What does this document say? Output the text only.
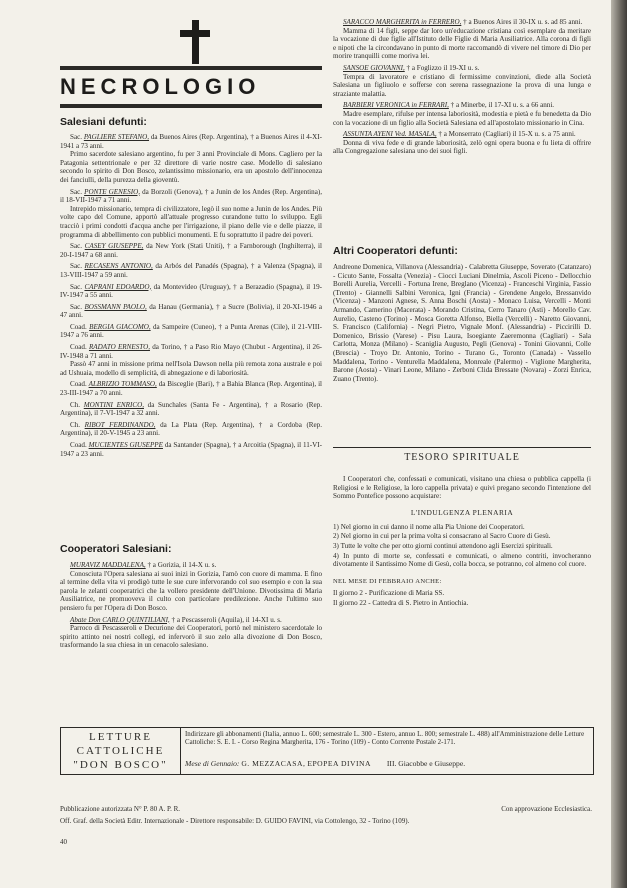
NECROLOGIO

Salesiani defunti:

Sac. PAGLIERE STEFANO, da Buenos Aires (Rep. Argentina), † a Buenos Aires il 4-XI-1941 a 73 anni.
Primo sacerdote salesiano argentino, fu per 3 anni Provinciale di Mons. Cagliero per la Patagonia settentrionale e per 32 direttore di varie nostre case. Modello di salesiano secondo lo spirito di Don Bosco, zelantissimo missionario, era un apostolo dell'innocenza dei fanciulli, della purezza della gioventù.

Sac. PONTE GENESIO, da Borzoli (Genova), † a Junin de los Andes (Rep. Argentina), il 18-VII-1947 a 71 anni.
Intrepido missionario, tempra di civilizzatore, legò il suo nome a Junin de los Andes. Più volte capo del Comune, apportò all'attuale progresso curandone tutto lo sviluppo. Egli tracciò i primi condotti d'acqua anche per l'irrigazione, il piano delle vie e delle piazze, il programma di abbellimento con pubblici monumenti. E fu soprattutto il padre dei poveri.

Sac. CASEY GIUSEPPE, da New York (Stati Uniti), † a Farnborough (Inghilterra), il 20-I-1947 a 68 anni.

Sac. RECASENS ANTONIO, da Arbós del Panadés (Spagna), † a Valenza (Spagna), il 13-VIII-1947 a 59 anni.

Sac. CAPRANI EDOARDO, da Montevideo (Uruguay), † a Berazadio (Spagna), il 19-IV-1947 a 55 anni.

Sac. BOSSMANN PAOLO, da Hanau (Germania), † a Sucre (Bolivia), il 20-XI-1946 a 47 anni.

Coad. BERGIA GIACOMO, da Sampeire (Cuneo), † a Punta Arenas (Cile), il 21-VIII-1947 a 76 anni.

Coad. RADATO ERNESTO, da Torino, † a Paso Rio Mayo (Chubut - Argentina), il 26-IV-1948 a 71 anni.
Passò 47 anni in missione prima nell'Isola Dawson nella più remota zona australe e poi ad Ushuaia, modello di semplicità, di abnegazione e di laboriosità.

Coad. ALBRIZIO TOMMASO, da Bisceglie (Bari), † a Bahia Blanca (Rep. Argentina), il 23-III-1947 a 70 anni.

Ch. MONTINI ENRICO, da Sunchales (Santa Fe - Argentina), † a Rosario (Rep. Argentina), il 7-VI-1947 a 32 anni.

Ch. RIBOT FERDINANDO, da La Plata (Rep. Argentina), † a Cordoba (Rep. Argentina), il 20-V-1945 a 23 anni.

Coad. MUCIENTES GIUSEPPE da Santander (Spagna), † a Arcoitia (Spagna), il 11-VI-1947 a 23 anni.

Cooperatori Salesiani:

MURAVIZ MADDALENA, † a Gorizia, il 14-X u. s.
Conosciuta l'Opera salesiana ai suoi inizi in Gorizia, l'amò con cuore di mamma. E fino al termine della vita vi prodigò tutte le sue cure infervorando col suo esempio e con la sua parola le zelanti cooperatrici che la vollero presidente dell'Unione. Divotissima di Maria Ausiliatrice, ne promuoveva il culto con particolare predilezione. Anche l'ultimo suo pensiero fu per l'Opera di Don Bosco.

Abate Don CARLO QUINTILIANI, † a Pescasseroli (Aquila), il 14-XI u. s.
Parroco di Pescasseroli e Decurione dei Cooperatori, portò nel ministero sacerdotale lo spirito attinto nei nostri collegi, ed infervorò il suo zelo alla divozione di Don Bosco, trasformando la sua chiesa in un cenacolo salesiano.

SARACCO MARGHERITA in FERRERO, † a Buenos Aires il 30-IX u. s. ad 85 anni.
Mamma di 14 figli, seppe dar loro un'educazione cristiana così esemplare da meritare la vocazione di due figlie all'Istituto delle Figlie di Maria Ausiliatrice. Alla corona di figli e nipoti che la circondavano in punto di morte raccomandò di vivere nel timore di Dio per morire tranquilli come moriva lei.

SANSOE GIOVANNI, † a Foglizzo il 19-XI u. s.
Tempra di lavoratore e cristiano di fermissime convinzioni, diede alla Società Salesiana un figliuolo e sofferse con serena rassegnazione la prova di una lunga e straziante malattia.

BARBIERI VERONICA in FERRARI, † a Minerbe, il 17-XI u. s. a 66 anni.
Madre esemplare, rifulse per intensa laboriosità, modestia e pietà e fu benedetta da Dio con la vocazione di un figlio alla Società Salesiana ed all'apostolato missionario in Cina.

ASSUNTA AYENI Ved. MASALA, † a Monserrato (Cagliari) il 15-X u. s. a 75 anni.
Donna di viva fede e di grande laboriosità, zelò ogni opera buona e fu lieta di offrire alla Congregazione salesiana uno dei suoi figli.

Altri Cooperatori defunti:

Andreone Domenica, Villanova (Alessandria) - Calabretta Giuseppe, Soverato (Catanzaro) - Cicuto Sante, Fossalta (Venezia) - Ciocci Luciani Dinelmia, Ascoli Piceno - Dellocchio Borelli Aurelia, Vercelli - Fortuna Irene, Breglano (Vicenza) - Franceschi Virginia, Fassio (Trento) - Giannelli Salbini Veronica, Igni (Francia) - Grendene Angelo, Bressanvido (Vicenza) - Manzoni Agnese, S. Anna Boschi (Aosta) - Monaco Luisa, Vercelli - Monti Armando, Camerino (Macerata) - Morando Cristina, Cerro Tanaro (Asti) - Morello Cav. Aurelio, Casteno (Torino) - Mosca Goretta Alfonso, Biella (Vercelli) - Naretto Giovanni, S. Francisco (California) - Negri Pietro, Vignale Monf. (Alessandria) - Piccirilli D. Domenico, Brissio (Varese) - Pisu Laura, Isoegiante Zaeremonna (Cagliari) - Sala Carlotta, Monza (Milano) - Scaniglia Augusto, Pegli (Genova) - Tonini Giovanni, Colle (Brescia) - Troyo Dr. Antonio, Torino - Turano G., Toronto (Canada) - Vassello Maddalena, Torino - Venturella Maddalena, Monreale (Palermo) - Viglione Margherita, Barone (Aosta) - Vinari Leone, Milano - Zerboni Clida Bressate (Novara) - Zorzi Enrica, Zuano (Trento).

TESORO SPIRITUALE

I Cooperatori che, confessati e comunicati, visitano una chiesa o pubblica cappella (i Religiosi e le Religiose, la loro cappella privata) e quivi pregano secondo l'intenzione del Sommo Pontefice possono acquistare:

L'INDULGENZA PLENARIA

1) Nel giorno in cui danno il nome alla Pia Unione dei Cooperatori.

2) Nel giorno in cui per la prima volta si consacrano al Sacro Cuore di Gesù.

3) Tutte le volte che per otto giorni continui attendono agli Esercizi spirituali.

4) In punto di morte se, confessati e comunicati, o almeno contriti, invocheranno divotamente il Santissimo Nome di Gesù, colla bocca, se potranno, col almeno col cuore.

NEL MESE DI FEBBRAIO ANCHE:

Il giorno 2 - Purificazione di Maria SS.

Il giorno 22 - Cattedra di S. Pietro in Antiochia.

LETTURE
CATTOLICHE
"DON BOSCO"
Indirizzare gli abbonamenti (Italia, annuo L. 600; semestrale L. 300 - Estero, annuo L. 800; semestrale L. 488) all'Amministrazione delle Letture Cattoliche: S. E. I. - Corso Regina Margherita, 176 - Torino (109) - Conto Corrente Postale 2-171.
Mese di Gennaio: G. MEZZACASA, EPOPEA DIVINA III. Giacobbe e Giuseppe.
Pubblicazione autorizzata N° P. 80 A. P. R.	Con approvazione Ecclesiastica.
Off. Graf. della Società Editr. Internazionale - Direttore responsabile: D. GUIDO FAVINI, via Cottolengo, 32 - Torino (109).
40
